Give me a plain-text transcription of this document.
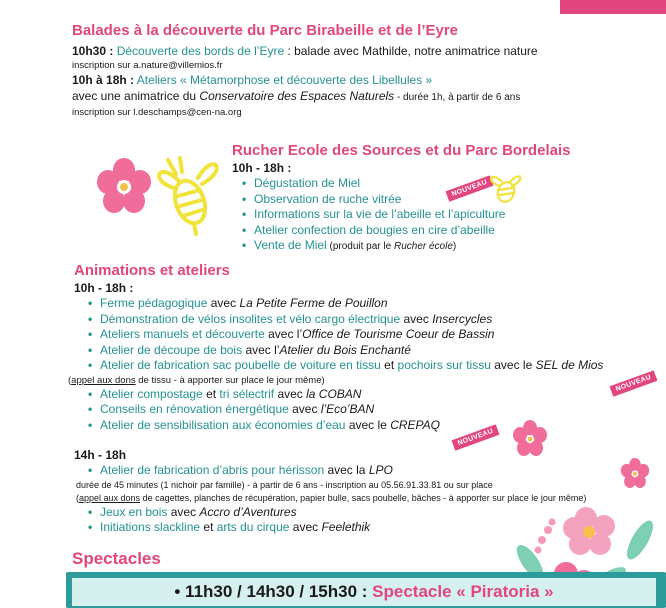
Balades à la découverte du Parc Birabeille et de l’Eyre
10h30 : Découverte des bords de l’Eyre : balade avec Mathilde, notre animatrice nature
inscription sur a.nature@villemios.fr
10h à 18h : Ateliers « Métamorphose et découverte des Libellules »
avec une animatrice du Conservatoire des Espaces Naturels - durée 1h, à partir de 6 ans
inscription sur l.deschamps@cen-na.org
Rucher Ecole des Sources et du Parc Bordelais
10h - 18h :
• Dégustation de Miel
• Observation de ruche vitrée
• Informations sur la vie de l’abeille et l’apiculture
• Atelier confection de bougies en cire d’abeille
• Vente de Miel (produit par le Rucher école)
NOUVEAU
Animations et ateliers
10h - 18h :
• Ferme pédagogique avec La Petite Ferme de Pouillon
• Démonstration de vélos insolites et vélo cargo électrique avec Insercycles
• Ateliers manuels et découverte avec l’Office de Tourisme Coeur de Bassin
• Atelier de découpe de bois avec l’Atelier du Bois Enchanté
• Atelier de fabrication sac poubelle de voiture en tissu et pochoirs sur tissu avec le SEL de Mios
(appel aux dons de tissu - à apporter sur place le jour même)
• Atelier compostage et tri sélectrif avec la COBAN
• Conseils en rénovation énergétique avec l’Eco’BAN
• Atelier de sensibilisation aux économies d’eau avec le CREPAQ
14h - 18h
• Atelier de fabrication d’abris pour hérisson avec la LPO
durée de 45 minutes (1 nichoir par famille) - à partir de 6 ans - inscription au 05.56.91.33.81 ou sur place
(appel aux dons de cagettes, planches de récupération, papier bulle, sacs poubelle, bâches - à apporter sur place le jour même)
• Jeux en bois avec Accro d’Aventures
• Initiations slackline et arts du cirque avec Feelethik
NOUVEAU
NOUVEAU
Spectacles
• 11h30 / 14h30 / 15h30 : Spectacle « Piratoria »
